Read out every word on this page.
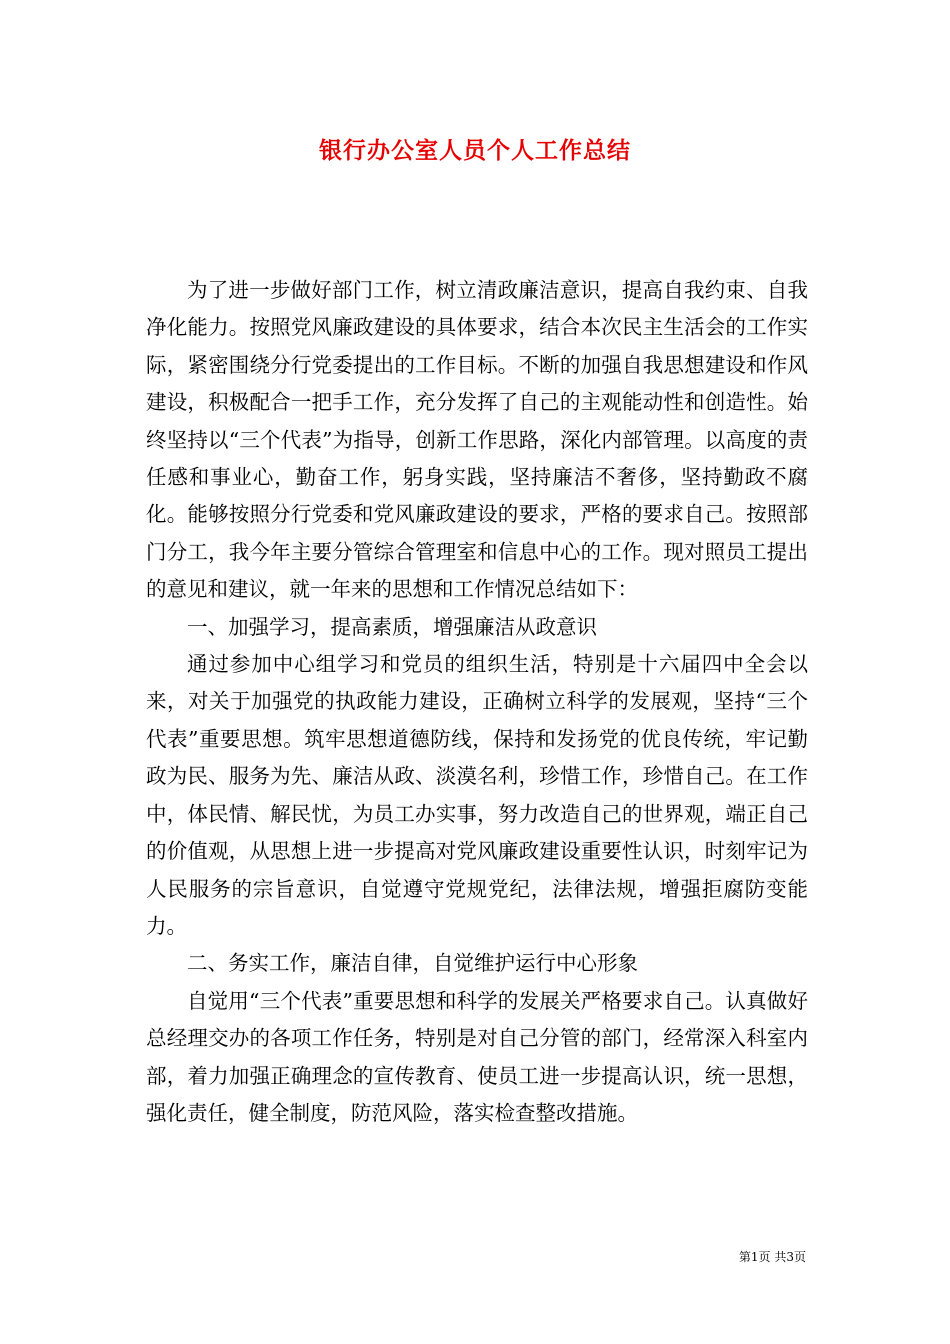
银行办公室人员个人工作总结

为了进一步做好部门工作，树立清政廉洁意识，提高自我约束、自我净化能力。按照党风廉政建设的具体要求，结合本次民主生活会的工作实际，紧密围绕分行党委提出的工作目标。不断的加强自我思想建设和作风建设，积极配合一把手工作，充分发挥了自己的主观能动性和创造性。始终坚持以“三个代表”为指导，创新工作思路，深化内部管理。以高度的责任感和事业心，勤奋工作，躬身实践，坚持廉洁不奢侈，坚持勤政不腐化。能够按照分行党委和党风廉政建设的要求，严格的要求自己。按照部门分工，我今年主要分管综合管理室和信息中心的工作。现对照员工提出的意见和建议，就一年来的思想和工作情况总结如下：

一、加强学习，提高素质，增强廉洁从政意识

通过参加中心组学习和党员的组织生活，特别是十六届四中全会以来，对关于加强党的执政能力建设，正确树立科学的发展观，坚持“三个代表”重要思想。筑牢思想道德防线，保持和发扬党的优良传统，牢记勤政为民、服务为先、廉洁从政、淡漠名利，珍惜工作，珍惜自己。在工作中，体民情、解民忧，为员工办实事，努力改造自己的世界观，端正自己的价值观，从思想上进一步提高对党风廉政建设重要性认识，时刻牢记为人民服务的宗旨意识，自觉遵守党规党纪，法律法规，增强拒腐防变能力。

二、务实工作，廉洁自律，自觉维护运行中心形象

自觉用“三个代表”重要思想和科学的发展关严格要求自己。认真做好总经理交办的各项工作任务，特别是对自己分管的部门，经常深入科室内部，着力加强正确理念的宣传教育、使员工进一步提高认识，统一思想，强化责任，健全制度，防范风险，落实检查整改措施。

第1页 共3页
